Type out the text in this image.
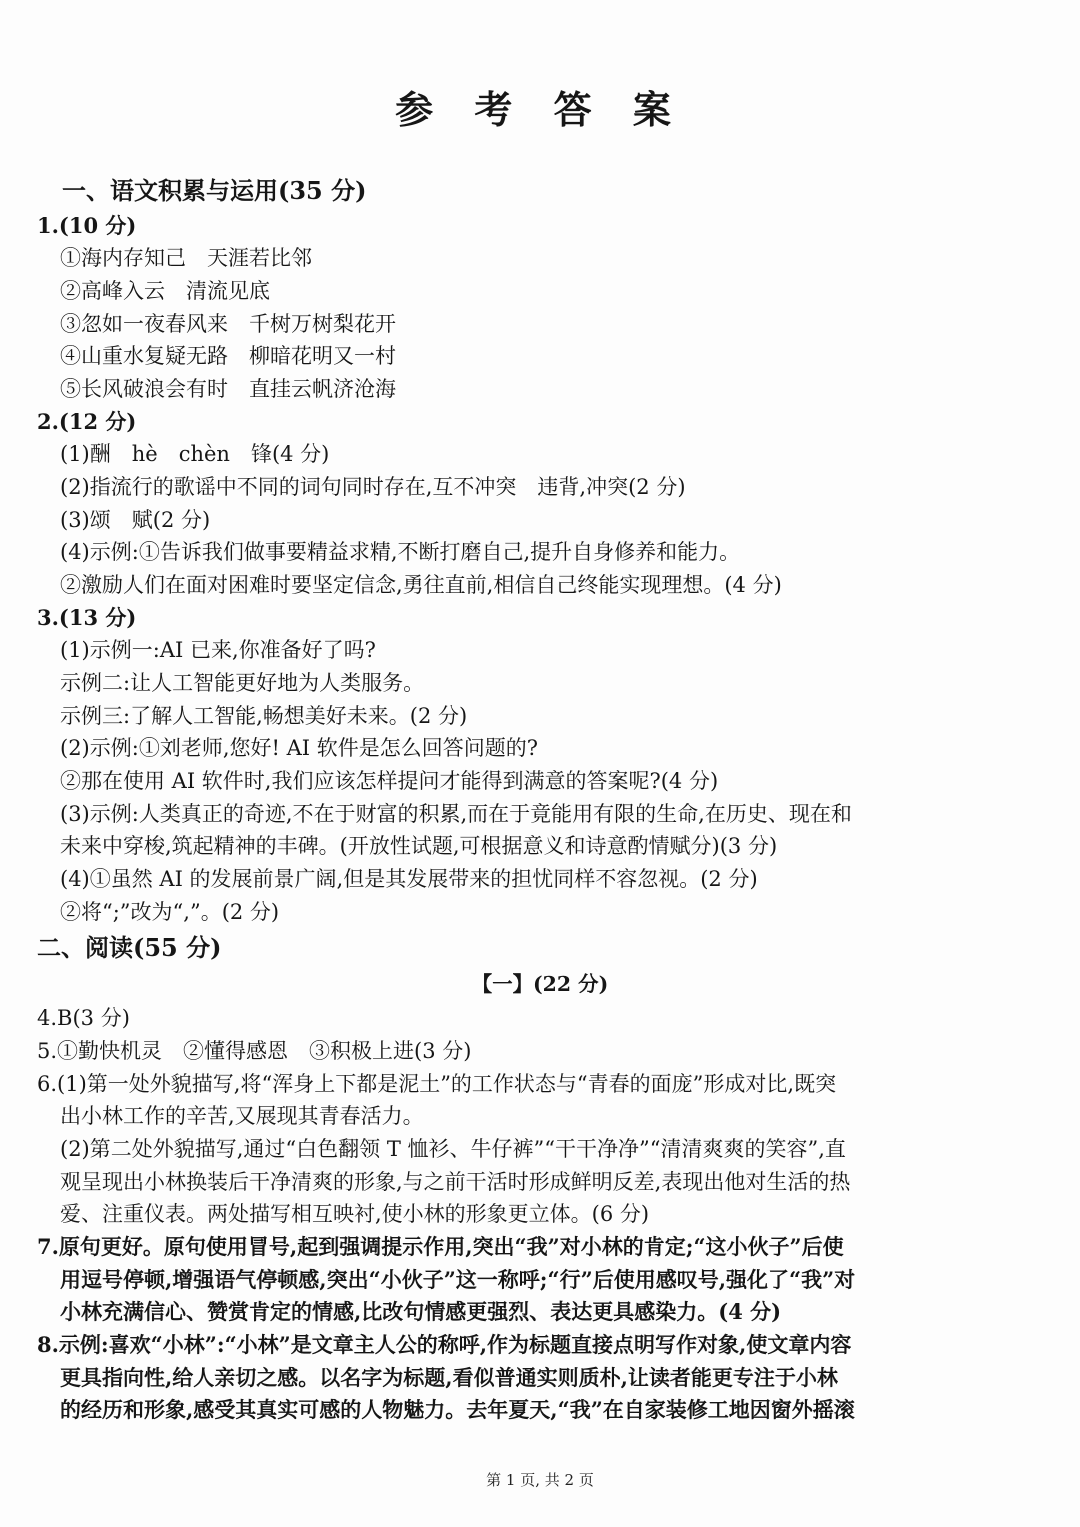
参 考 答 案
一、语文积累与运用(35 分)
1.(10 分)
①海内存知己　天涯若比邻
②高峰入云　清流见底
③忽如一夜春风来　千树万树梨花开
④山重水复疑无路　柳暗花明又一村
⑤长风破浪会有时　直挂云帆济沧海
2.(12 分)
(1)酬　hè　chèn　锋(4 分)
(2)指流行的歌谣中不同的词句同时存在,互不冲突　违背,冲突(2 分)
(3)颂　赋(2 分)
(4)示例:①告诉我们做事要精益求精,不断打磨自己,提升自身修养和能力。
②激励人们在面对困难时要坚定信念,勇往直前,相信自己终能实现理想。(4 分)
3.(13 分)
(1)示例一:AI 已来,你准备好了吗?
示例二:让人工智能更好地为人类服务。
示例三:了解人工智能,畅想美好未来。(2 分)
(2)示例:①刘老师,您好! AI 软件是怎么回答问题的?
②那在使用 AI 软件时,我们应该怎样提问才能得到满意的答案呢?(4 分)
(3)示例:人类真正的奇迹,不在于财富的积累,而在于竟能用有限的生命,在历史、现在和
未来中穿梭,筑起精神的丰碑。(开放性试题,可根据意义和诗意酌情赋分)(3 分)
(4)①虽然 AI 的发展前景广阔,但是其发展带来的担忧同样不容忽视。(2 分)
②将“;”改为“,”。(2 分)
二、阅读(55 分)
【一】(22 分)
4.B(3 分)
5.①勤快机灵　②懂得感恩　③积极上进(3 分)
6.(1)第一处外貌描写,将“浑身上下都是泥土”的工作状态与“青春的面庞”形成对比,既突
出小林工作的辛苦,又展现其青春活力。
(2)第二处外貌描写,通过“白色翻领 T 恤衫、牛仔裤”“干干净净”“清清爽爽的笑容”,直
观呈现出小林换装后干净清爽的形象,与之前干活时形成鲜明反差,表现出他对生活的热
爱、注重仪表。两处描写相互映衬,使小林的形象更立体。(6 分)
7.原句更好。原句使用冒号,起到强调提示作用,突出“我”对小林的肯定;“这小伙子”后使
用逗号停顿,增强语气停顿感,突出“小伙子”这一称呼;“行”后使用感叹号,强化了“我”对
小林充满信心、赞赏肯定的情感,比改句情感更强烈、表达更具感染力。(4 分)
8.示例:喜欢“小林”:“小林”是文章主人公的称呼,作为标题直接点明写作对象,使文章内容
更具指向性,给人亲切之感。以名字为标题,看似普通实则质朴,让读者能更专注于小林
的经历和形象,感受其真实可感的人物魅力。去年夏天,“我”在自家装修工地因窗外摇滚
第 1 页, 共 2 页
